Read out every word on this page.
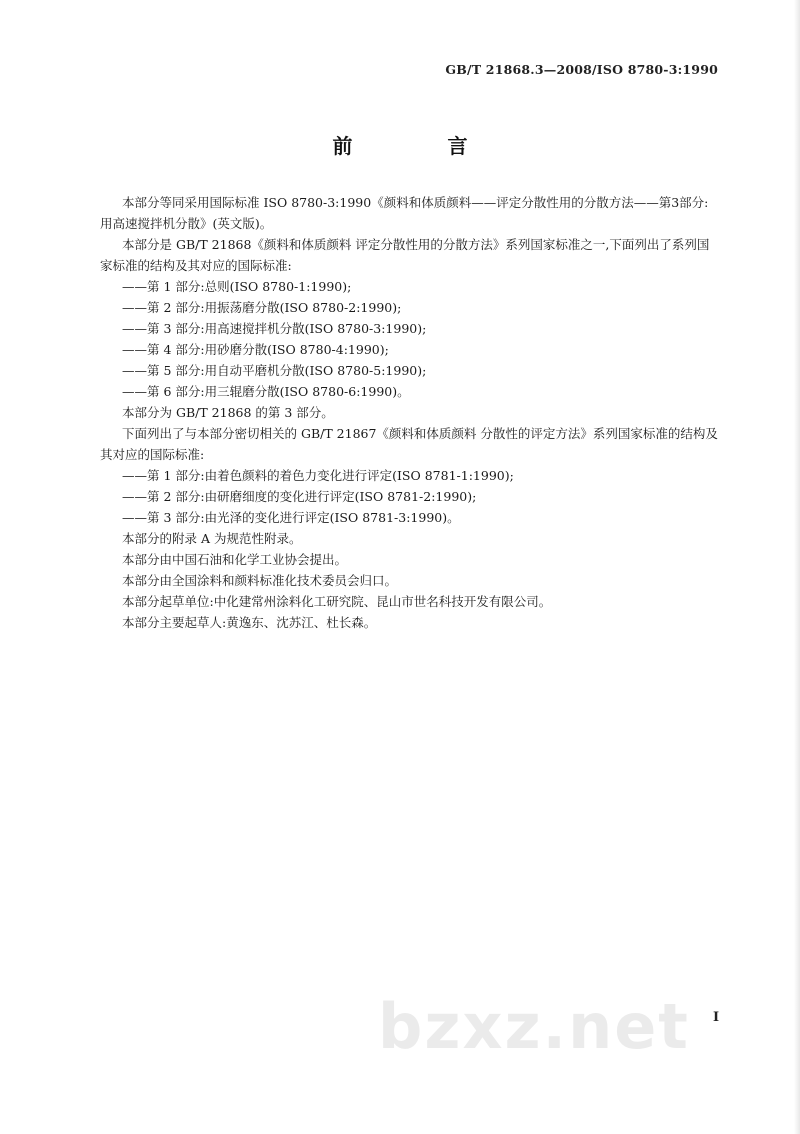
GB/T 21868.3—2008/ISO 8780-3:1990
前 言

本部分等同采用国际标准 ISO 8780-3:1990《颜料和体质颜料——评定分散性用的分散方法——第3部分:用高速搅拌机分散》(英文版)。

本部分是 GB/T 21868《颜料和体质颜料 评定分散性用的分散方法》系列国家标准之一,下面列出了系列国家标准的结构及其对应的国际标准:

——第 1 部分:总则(ISO 8780-1:1990);

——第 2 部分:用振荡磨分散(ISO 8780-2:1990);

——第 3 部分:用高速搅拌机分散(ISO 8780-3:1990);

——第 4 部分:用砂磨分散(ISO 8780-4:1990);

——第 5 部分:用自动平磨机分散(ISO 8780-5:1990);

——第 6 部分:用三辊磨分散(ISO 8780-6:1990)。

本部分为 GB/T 21868 的第 3 部分。

下面列出了与本部分密切相关的 GB/T 21867《颜料和体质颜料 分散性的评定方法》系列国家标准的结构及其对应的国际标准:

——第 1 部分:由着色颜料的着色力变化进行评定(ISO 8781-1:1990);

——第 2 部分:由研磨细度的变化进行评定(ISO 8781-2:1990);

——第 3 部分:由光泽的变化进行评定(ISO 8781-3:1990)。

本部分的附录 A 为规范性附录。

本部分由中国石油和化学工业协会提出。

本部分由全国涂料和颜料标准化技术委员会归口。

本部分起草单位:中化建常州涂料化工研究院、昆山市世名科技开发有限公司。

本部分主要起草人:黄逸东、沈苏江、杜长森。

bzxz.net I
